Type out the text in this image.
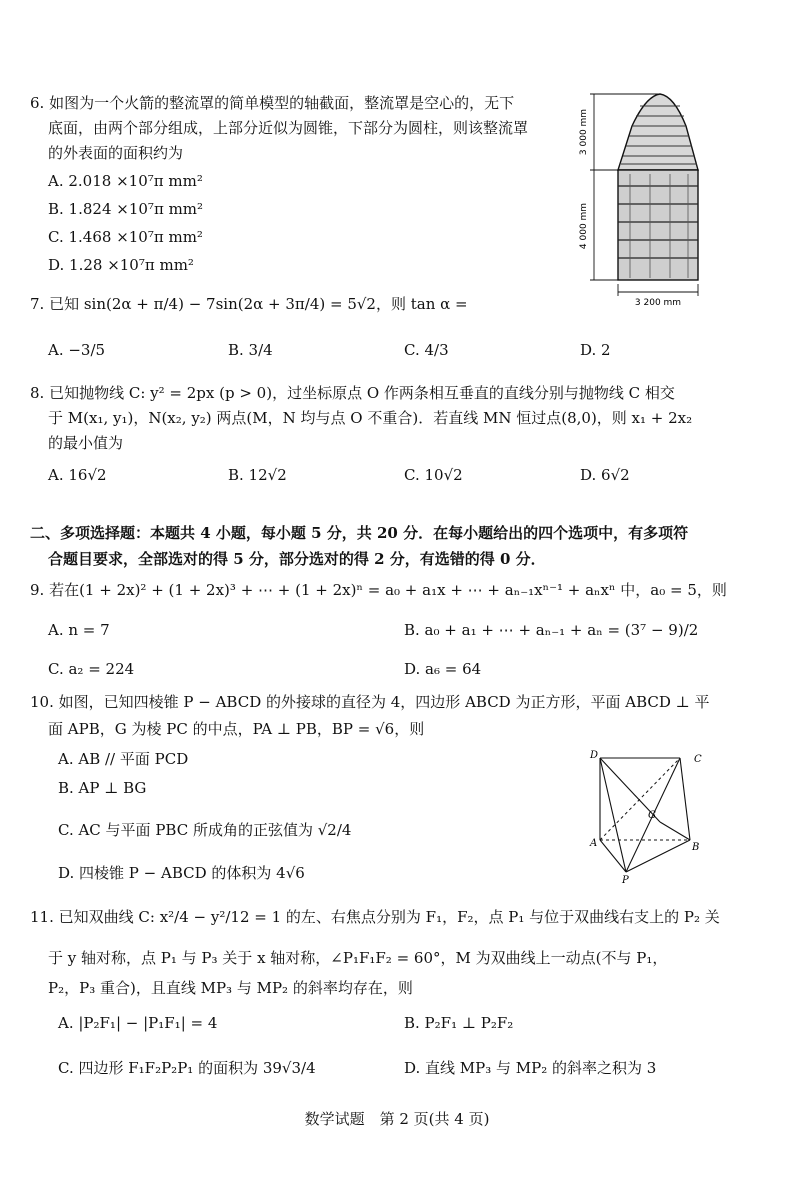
6. 如图为一个火箭的整流罩的简单模型的轴截面，整流罩是空心的，无下
底面，由两个部分组成，上部分近似为圆锥，下部分为圆柱，则该整流罩
的外表面的面积约为
A. 2.018 ×10⁷π mm²
B. 1.824 ×10⁷π mm²
C. 1.468 ×10⁷π mm²
D. 1.28 ×10⁷π mm²
3 000 mm
4 000 mm
3 200 mm
7. 已知 sin(2α + π/4) − 7sin(2α + 3π/4) = 5√2，则 tan α =
A. −3/5	B. 3/4	C. 4/3	D. 2
8. 已知抛物线 C: y² = 2px (p > 0)，过坐标原点 O 作两条相互垂直的直线分别与抛物线 C 相交
于 M(x₁, y₁)，N(x₂, y₂) 两点(M，N 均与点 O 不重合)．若直线 MN 恒过点(8,0)，则 x₁ + 2x₂
的最小值为
A. 16√2	B. 12√2	C. 10√2	D. 6√2
二、多项选择题：本题共 4 小题，每小题 5 分，共 20 分．在每小题给出的四个选项中，有多项符
合题目要求，全部选对的得 5 分，部分选对的得 2 分，有选错的得 0 分．
9. 若在(1 + 2x)² + (1 + 2x)³ + ⋯ + (1 + 2x)ⁿ = a₀ + a₁x + ⋯ + aₙ₋₁xⁿ⁻¹ + aₙxⁿ 中，a₀ = 5，则
A. n = 7	B. a₀ + a₁ + ⋯ + aₙ₋₁ + aₙ = (3⁷ − 9)/2
C. a₂ = 224	D. a₆ = 64
10. 如图，已知四棱锥 P − ABCD 的外接球的直径为 4，四边形 ABCD 为正方形，平面 ABCD ⊥ 平
面 APB，G 为棱 PC 的中点，PA ⊥ PB，BP = √6，则
A. AB // 平面 PCD
B. AP ⊥ BG
C. AC 与平面 PBC 所成角的正弦值为 √2/4
D. 四棱锥 P − ABCD 的体积为 4√6
D	C
G
A	B
P
11. 已知双曲线 C: x²/4 − y²/12 = 1 的左、右焦点分别为 F₁，F₂，点 P₁ 与位于双曲线右支上的 P₂ 关
于 y 轴对称，点 P₁ 与 P₃ 关于 x 轴对称，∠P₁F₁F₂ = 60°，M 为双曲线上一动点(不与 P₁，
P₂，P₃ 重合)，且直线 MP₃ 与 MP₂ 的斜率均存在，则
A. |P₂F₁| − |P₁F₁| = 4	B. P₂F₁ ⊥ P₂F₂
C. 四边形 F₁F₂P₂P₁ 的面积为 39√3/4	D. 直线 MP₃ 与 MP₂ 的斜率之积为 3
数学试题　第 2 页(共 4 页)
